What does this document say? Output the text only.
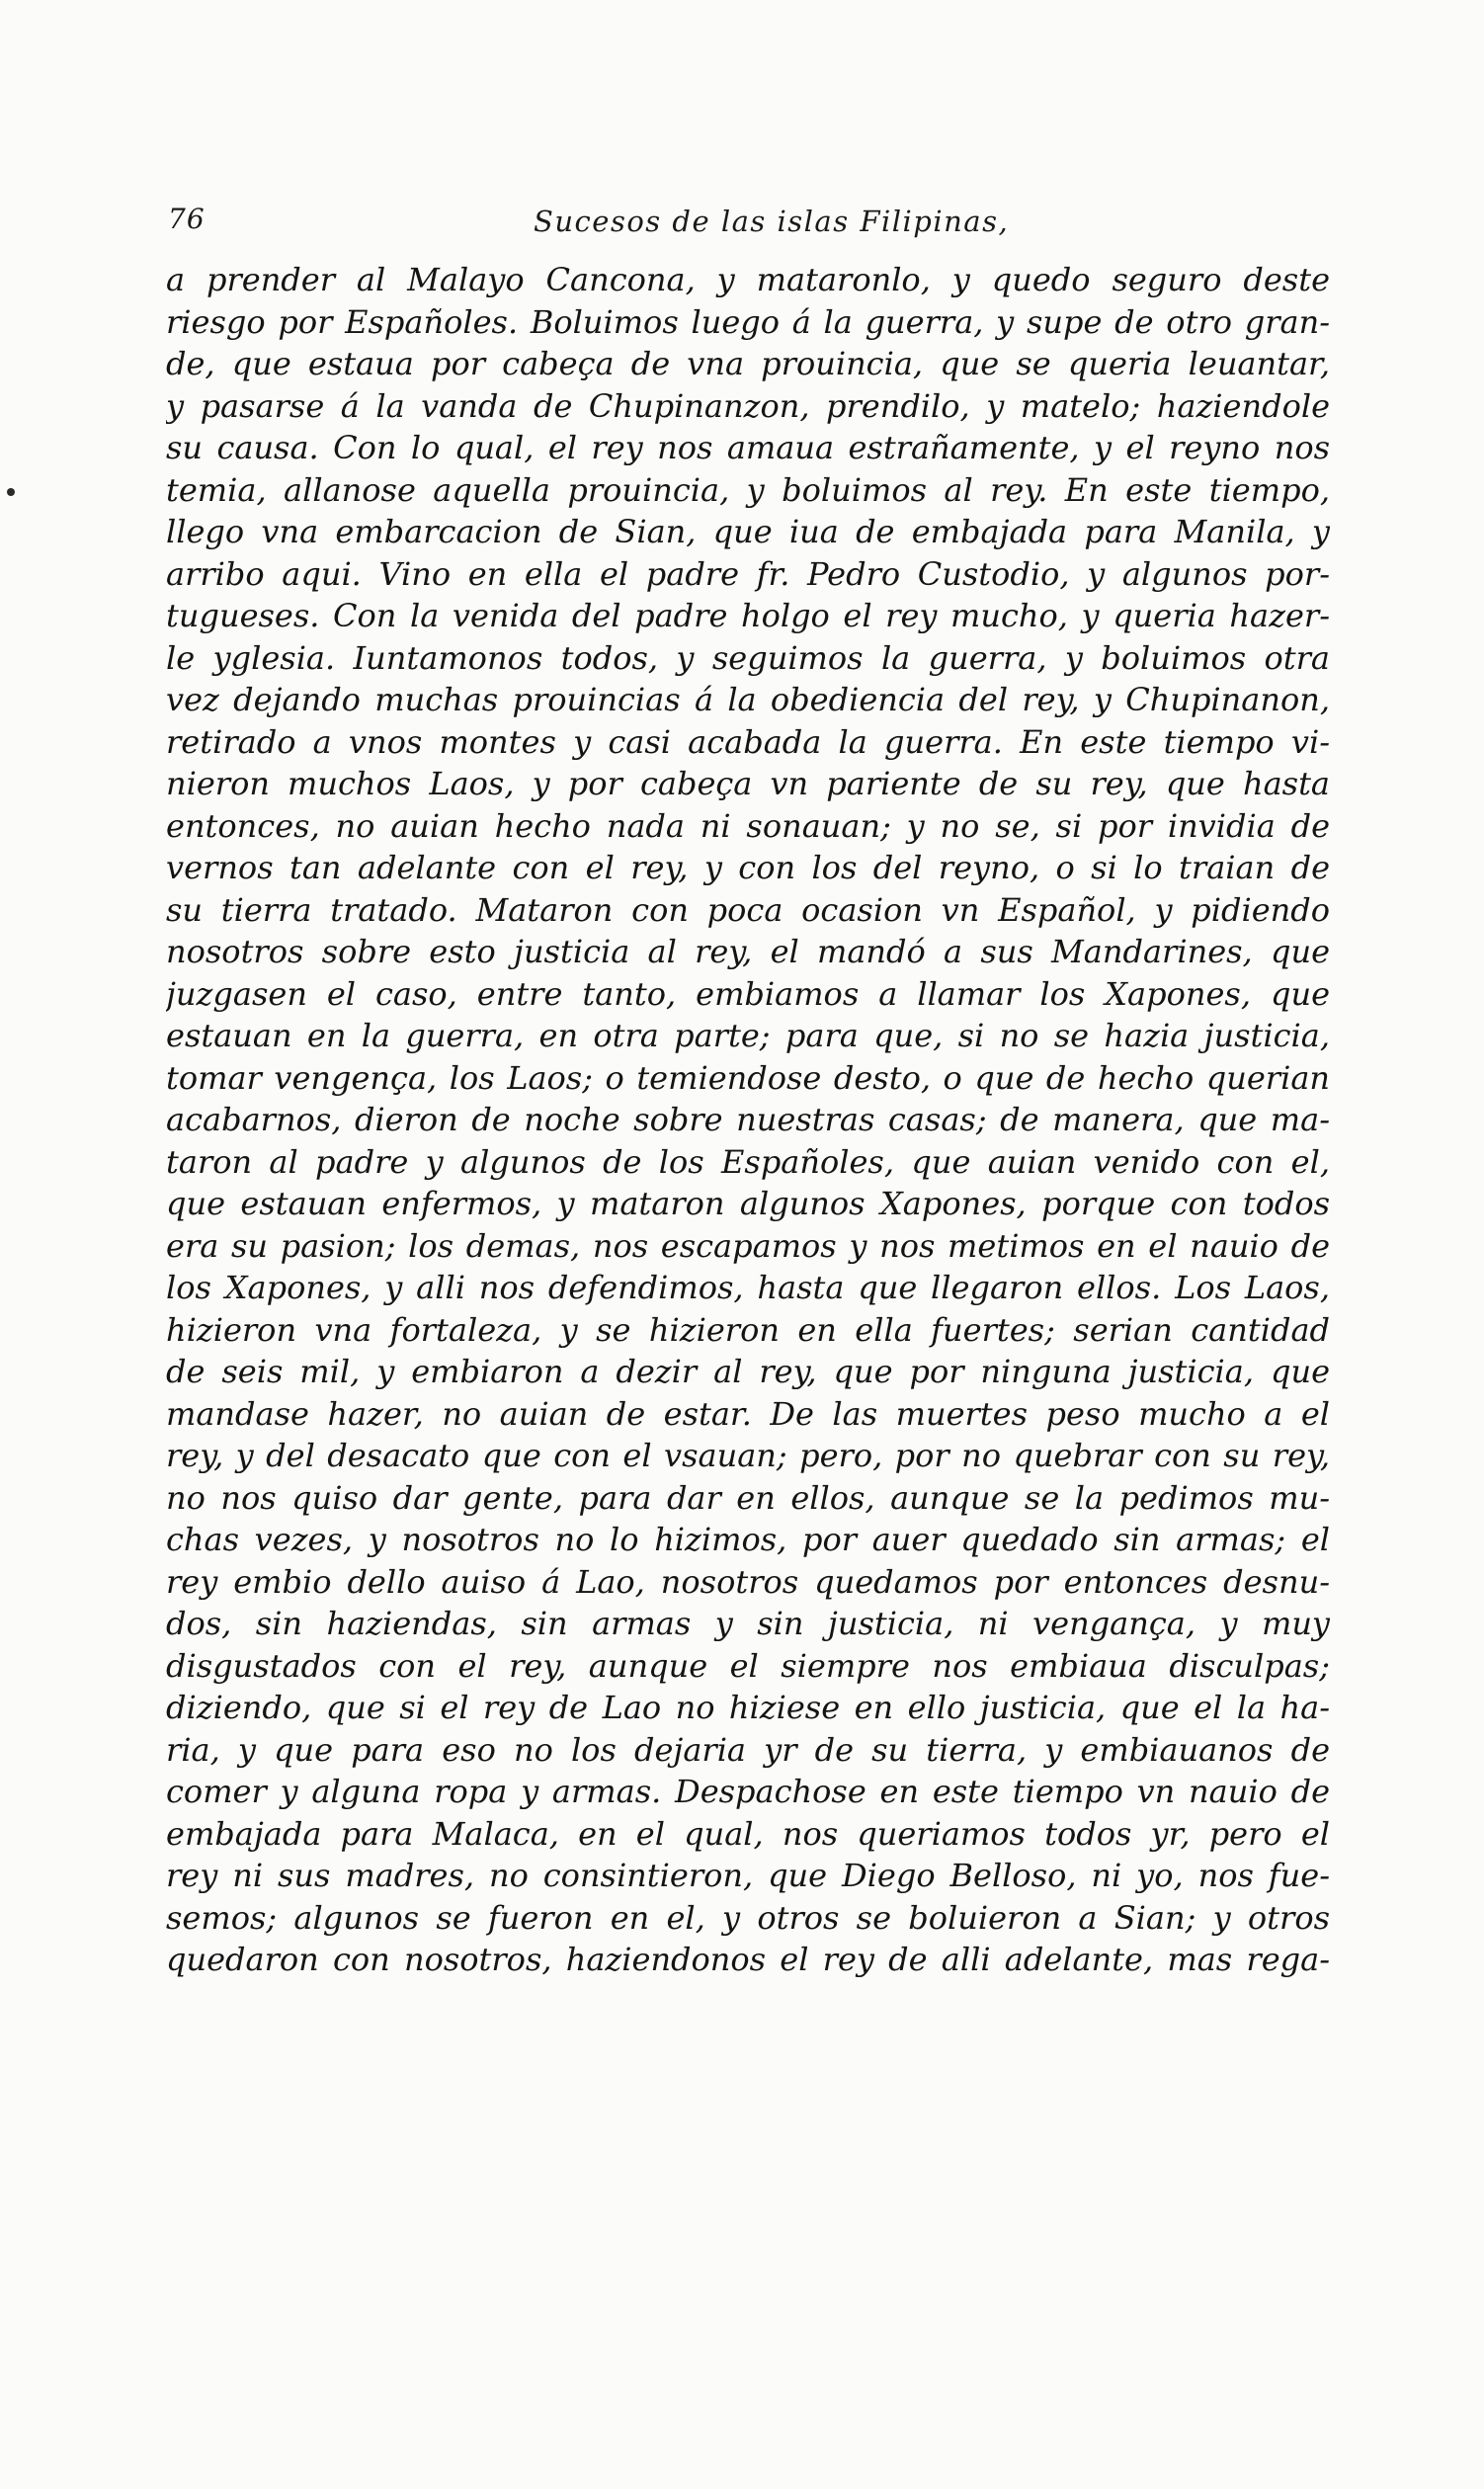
76	Sucesos de las islas Filipinas,
a prender al Malayo Cancona, y mataronlo, y quedo seguro deste
riesgo por Españoles. Boluimos luego á la guerra, y supe de otro gran-
de, que estaua por cabeça de vna prouincia, que se queria leuantar,
y pasarse á la vanda de Chupinanzon, prendilo, y matelo; haziendole
su causa. Con lo qual, el rey nos amaua estrañamente, y el reyno nos
temia, allanose aquella prouincia, y boluimos al rey. En este tiempo,
llego vna embarcacion de Sian, que iua de embajada para Manila, y
arribo aqui. Vino en ella el padre fr. Pedro Custodio, y algunos por-
tugueses. Con la venida del padre holgo el rey mucho, y queria hazer-
le yglesia. Iuntamonos todos, y seguimos la guerra, y boluimos otra
vez dejando muchas prouincias á la obediencia del rey, y Chupinanon,
retirado a vnos montes y casi acabada la guerra. En este tiempo vi-
nieron muchos Laos, y por cabeça vn pariente de su rey, que hasta
entonces, no auian hecho nada ni sonauan; y no se, si por invidia de
vernos tan adelante con el rey, y con los del reyno, o si lo traian de
su tierra tratado. Mataron con poca ocasion vn Español, y pidiendo
nosotros sobre esto justicia al rey, el mandó a sus Mandarines, que
juzgasen el caso, entre tanto, embiamos a llamar los Xapones, que
estauan en la guerra, en otra parte; para que, si no se hazia justicia,
tomar vengença, los Laos; o temiendose desto, o que de hecho querian
acabarnos, dieron de noche sobre nuestras casas; de manera, que ma-
taron al padre y algunos de los Españoles, que auian venido con el,
que estauan enfermos, y mataron algunos Xapones, porque con todos
era su pasion; los demas, nos escapamos y nos metimos en el nauio de
los Xapones, y alli nos defendimos, hasta que llegaron ellos. Los Laos,
hizieron vna fortaleza, y se hizieron en ella fuertes; serian cantidad
de seis mil, y embiaron a dezir al rey, que por ninguna justicia, que
mandase hazer, no auian de estar. De las muertes peso mucho a el
rey, y del desacato que con el vsauan; pero, por no quebrar con su rey,
no nos quiso dar gente, para dar en ellos, aunque se la pedimos mu-
chas vezes, y nosotros no lo hizimos, por auer quedado sin armas; el
rey embio dello auiso á Lao, nosotros quedamos por entonces desnu-
dos, sin haziendas, sin armas y sin justicia, ni vengança, y muy
disgustados con el rey, aunque el siempre nos embiaua disculpas;
diziendo, que si el rey de Lao no hiziese en ello justicia, que el la ha-
ria, y que para eso no los dejaria yr de su tierra, y embiauanos de
comer y alguna ropa y armas. Despachose en este tiempo vn nauio de
embajada para Malaca, en el qual, nos queriamos todos yr, pero el
rey ni sus madres, no consintieron, que Diego Belloso, ni yo, nos fue-
semos; algunos se fueron en el, y otros se boluieron a Sian; y otros
quedaron con nosotros, haziendonos el rey de alli adelante, mas rega-
